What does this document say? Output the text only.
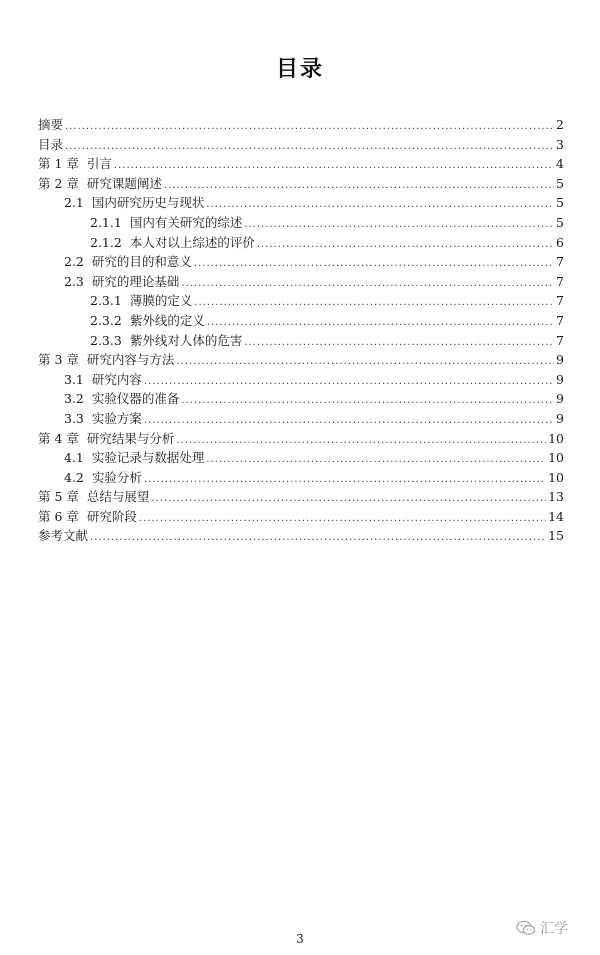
目录
摘要 .....	2
目录 .....	3
第 1 章 引言 .....	4
第 2 章 研究课题阐述 .....	5
2.1 国内研究历史与现状 .....	5
2.1.1 国内有关研究的综述 .....	5
2.1.2 本人对以上综述的评价 .....	6
2.2 研究的目的和意义 .....	7
2.3 研究的理论基础 .....	7
2.3.1 薄膜的定义 .....	7
2.3.2 紫外线的定义 .....	7
2.3.3 紫外线对人体的危害 .....	7
第 3 章 研究内容与方法 .....	9
3.1 研究内容 .....	9
3.2 实验仪器的准备 .....	9
3.3 实验方案 .....	9
第 4 章 研究结果与分析 .....	10
4.1 实验记录与数据处理 .....	10
4.2 实验分析 .....	10
第 5 章 总结与展望 .....	13
第 6 章 研究阶段 .....	14
参考文献 .....	15
3
汇学
